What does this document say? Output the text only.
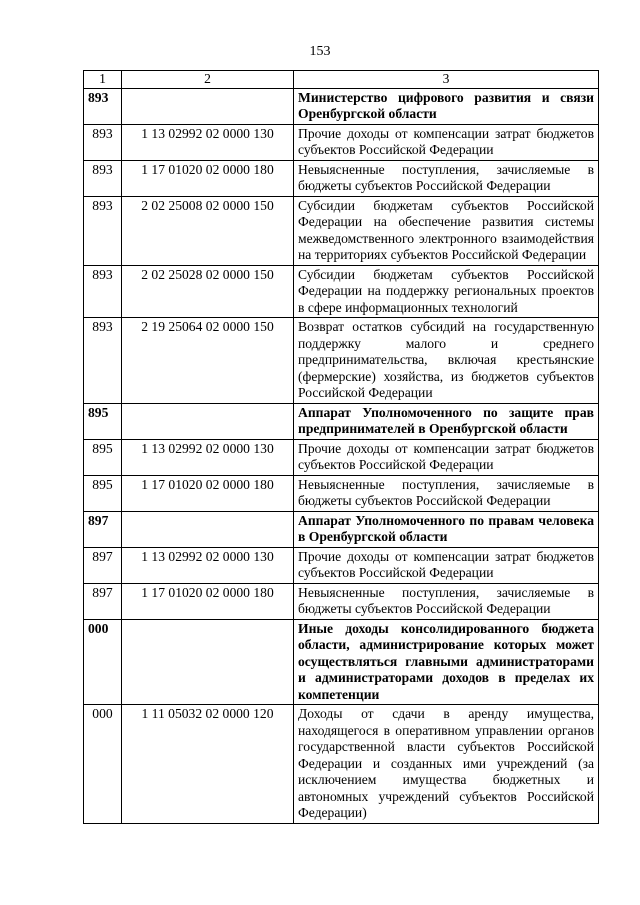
153
1	2	3
893		Министерство цифрового развития и связи Оренбургской области
893	1 13 02992 02 0000 130	Прочие доходы от компенсации затрат бюджетов субъектов Российской Федерации
893	1 17 01020 02 0000 180	Невыясненные поступления, зачисляемые в бюджеты субъектов Российской Федерации
893	2 02 25008 02 0000 150	Субсидии бюджетам субъектов Российской Федерации на обеспечение развития системы межведомственного электронного взаимодействия на территориях субъектов Российской Федерации
893	2 02 25028 02 0000 150	Субсидии бюджетам субъектов Российской Федерации на поддержку региональных проектов в сфере информационных технологий
893	2 19 25064 02 0000 150	Возврат остатков субсидий на государственную поддержку малого и среднего предпринимательства, включая крестьянские (фермерские) хозяйства, из бюджетов субъектов Российской Федерации
895		Аппарат Уполномоченного по защите прав предпринимателей в Оренбургской области
895	1 13 02992 02 0000 130	Прочие доходы от компенсации затрат бюджетов субъектов Российской Федерации
895	1 17 01020 02 0000 180	Невыясненные поступления, зачисляемые в бюджеты субъектов Российской Федерации
897		Аппарат Уполномоченного по правам человека в Оренбургской области
897	1 13 02992 02 0000 130	Прочие доходы от компенсации затрат бюджетов субъектов Российской Федерации
897	1 17 01020 02 0000 180	Невыясненные поступления, зачисляемые в бюджеты субъектов Российской Федерации
000		Иные доходы консолидированного бюджета области, администрирование которых может осуществляться главными администраторами и администраторами доходов в пределах их компетенции
000	1 11 05032 02 0000 120	Доходы от сдачи в аренду имущества, находящегося в оперативном управлении органов государственной власти субъектов Российской Федерации и созданных ими учреждений (за исключением имущества бюджетных и автономных учреждений субъектов Российской Федерации)
